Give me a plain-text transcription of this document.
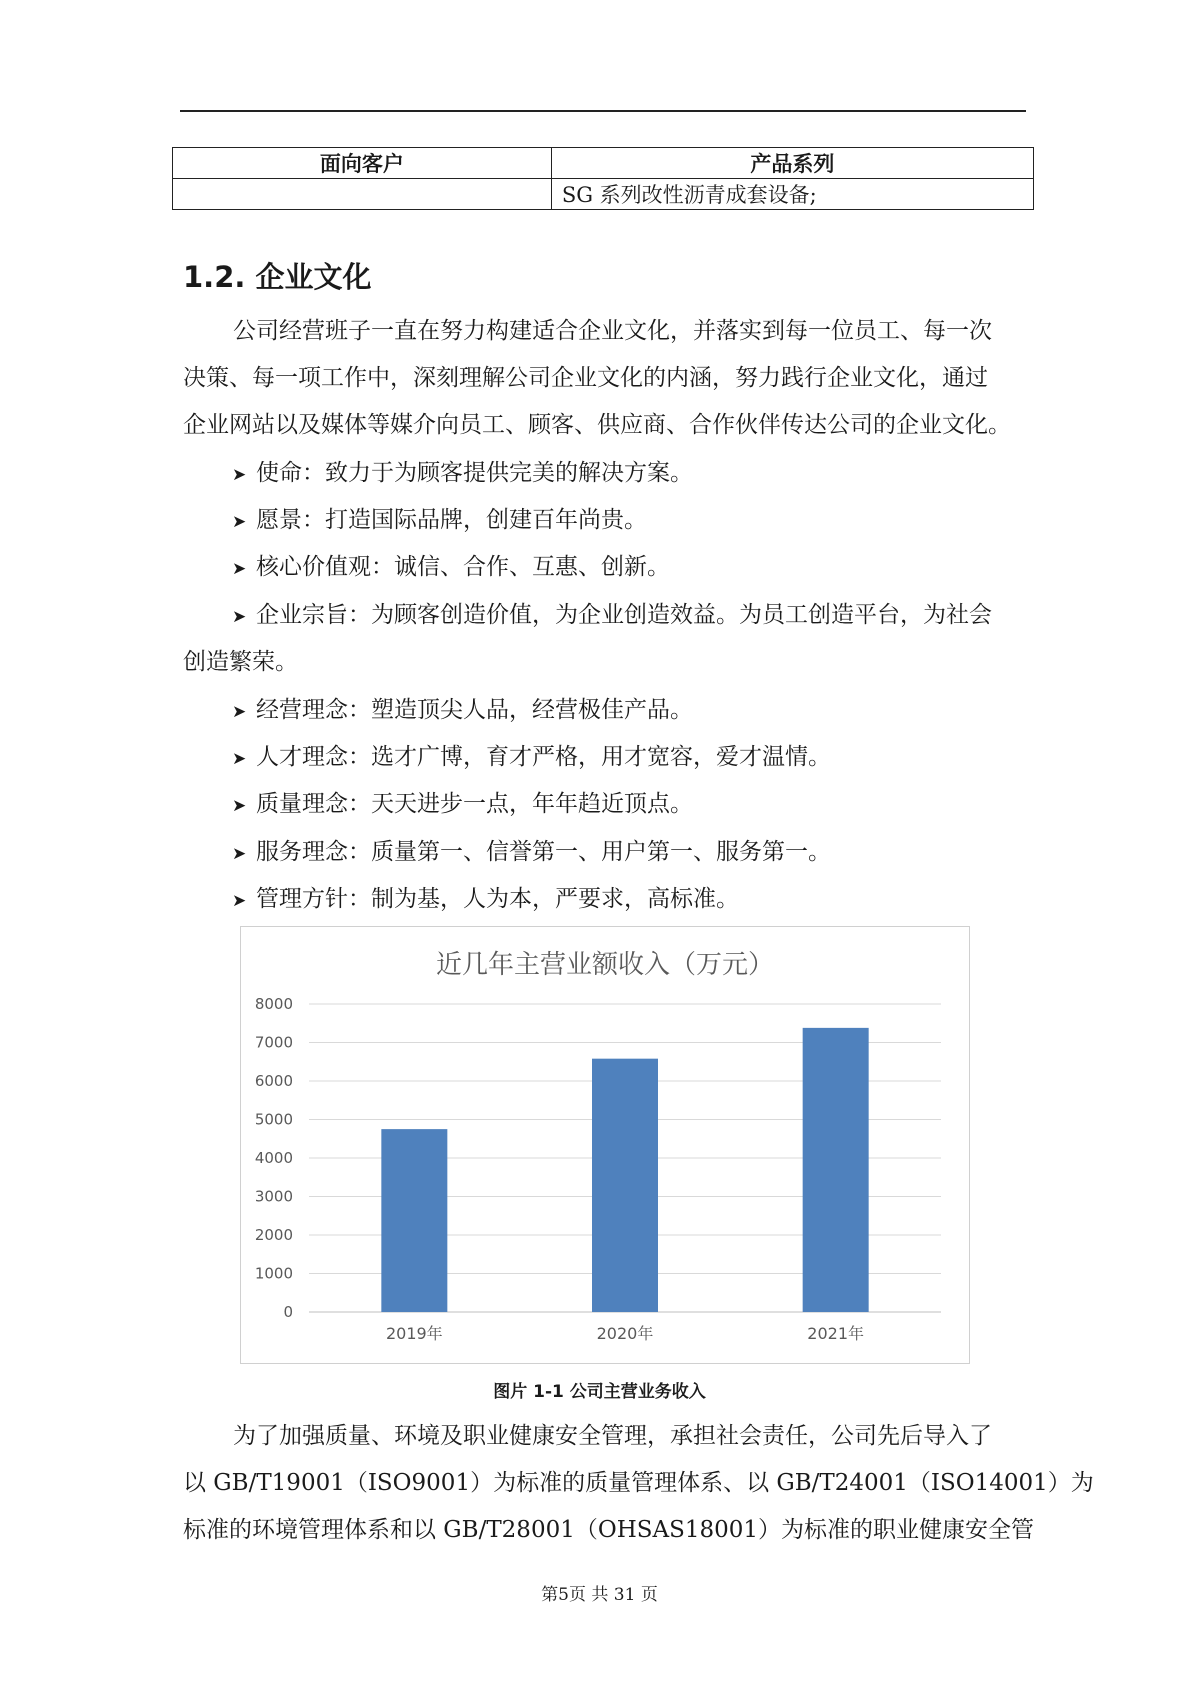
面向客户	产品系列
	SG 系列改性沥青成套设备;
1.2. 企业文化
公司经营班子一直在努力构建适合企业文化，并落实到每一位员工、每一次
决策、每一项工作中，深刻理解公司企业文化的内涵，努力践行企业文化，通过
企业网站以及媒体等媒介向员工、顾客、供应商、合作伙伴传达公司的企业文化。
➤ 使命：致力于为顾客提供完美的解决方案。
➤ 愿景：打造国际品牌，创建百年尚贵。
➤ 核心价值观：诚信、合作、互惠、创新。
➤ 企业宗旨：为顾客创造价值，为企业创造效益。为员工创造平台，为社会
创造繁荣。
➤ 经营理念：塑造顶尖人品，经营极佳产品。
➤ 人才理念：选才广博，育才严格，用才宽容，爱才温情。
➤ 质量理念：天天进步一点，年年趋近顶点。
➤ 服务理念：质量第一、信誉第一、用户第一、服务第一。
➤ 管理方针：制为基，人为本，严要求，高标准。
近几年主营业额收入（万元）
0
1000
2000
3000
4000
5000
6000
7000
8000
2019年	2020年	2021年
图片 1-1 公司主营业务收入
为了加强质量、环境及职业健康安全管理，承担社会责任，公司先后导入了
以 GB/T19001（ISO9001）为标准的质量管理体系、以 GB/T24001（ISO14001）为
标准的环境管理体系和以 GB/T28001（OHSAS18001）为标准的职业健康安全管
第5页 共 31 页
